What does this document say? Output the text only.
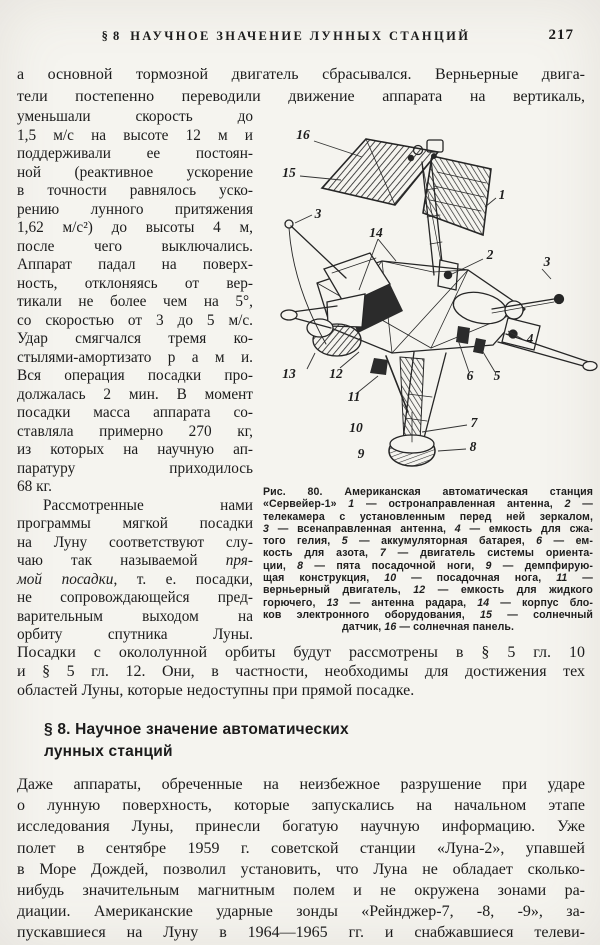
§ 8 НАУЧНОЕ ЗНАЧЕНИЕ ЛУННЫХ СТАНЦИЙ	217
а основной тормозной двигатель сбрасывался. Верньерные двига-
тели постепенно переводили движение аппарата на вертикаль,
уменьшали скорость до
1,5 м/с на высоте 12 м и
поддерживали ее постоян-
ной (реактивное ускорение
в точности равнялось уско-
рению лунного притяжения
1,62 м/с²) до высоты 4 м,
после чего выключались.
Аппарат падал на поверх-
ность, отклоняясь от вер-
тикали не более чем на 5°,
со скоростью от 3 до 5 м/с.
Удар смягчался тремя ко-
стылями-амортизато р а м и.
Вся операция посадки про-
должалась 2 мин. В момент
посадки масса аппарата со-
ставляла примерно 270 кг,
из которых на научную ап-
паратуру приходилось
68 кг.
Рассмотренные нами
программы мягкой посадки
на Луну соответствуют слу-
чаю так называемой пря-
мой посадки, т. е. посадки,
не сопровождающейся пред-
варительным выходом на
орбиту спутника Луны.
16
15
3
14
1
2	3
4
5
6
13 12
11
10
9
7
8
Рис. 80. Американская автоматическая станция
«Сервейер-1» 1 — остронаправленная антенна, 2 —
телекамера с установленным перед ней зеркалом,
3 — всенаправленная антенна, 4 — емкость для сжа-
того гелия, 5 — аккумуляторная батарея, 6 — ем-
кость для азота, 7 — двигатель системы ориента-
ции, 8 — пята посадочной ноги, 9 — демпфирую-
щая конструкция, 10 — посадочная нога, 11 —
верньерный двигатель, 12 — емкость для жидкого
горючего, 13 — антенна радара, 14 — корпус бло-
ков электронного оборудования, 15 — солнечный
датчик, 16 — солнечная панель.
Посадки с окололунной орбиты будут рассмотрены в § 5 гл. 10
и § 5 гл. 12. Они, в частности, необходимы для достижения тех
областей Луны, которые недоступны при прямой посадке.
§ 8. Научное значение автоматических
лунных станций
Даже аппараты, обреченные на неизбежное разрушение при ударе
о лунную поверхность, которые запускались на начальном этапе
исследования Луны, принесли богатую научную информацию. Уже
полет в сентябре 1959 г. советской станции «Луна-2», упавшей
в Море Дождей, позволил установить, что Луна не обладает сколько-
нибудь значительным магнитным полем и не окружена зонами ра-
диации. Американские ударные зонды «Рейнджер-7, -8, -9», за-
пускавшиеся на Луну в 1964—1965 гг. и снабжавшиеся телеви-
